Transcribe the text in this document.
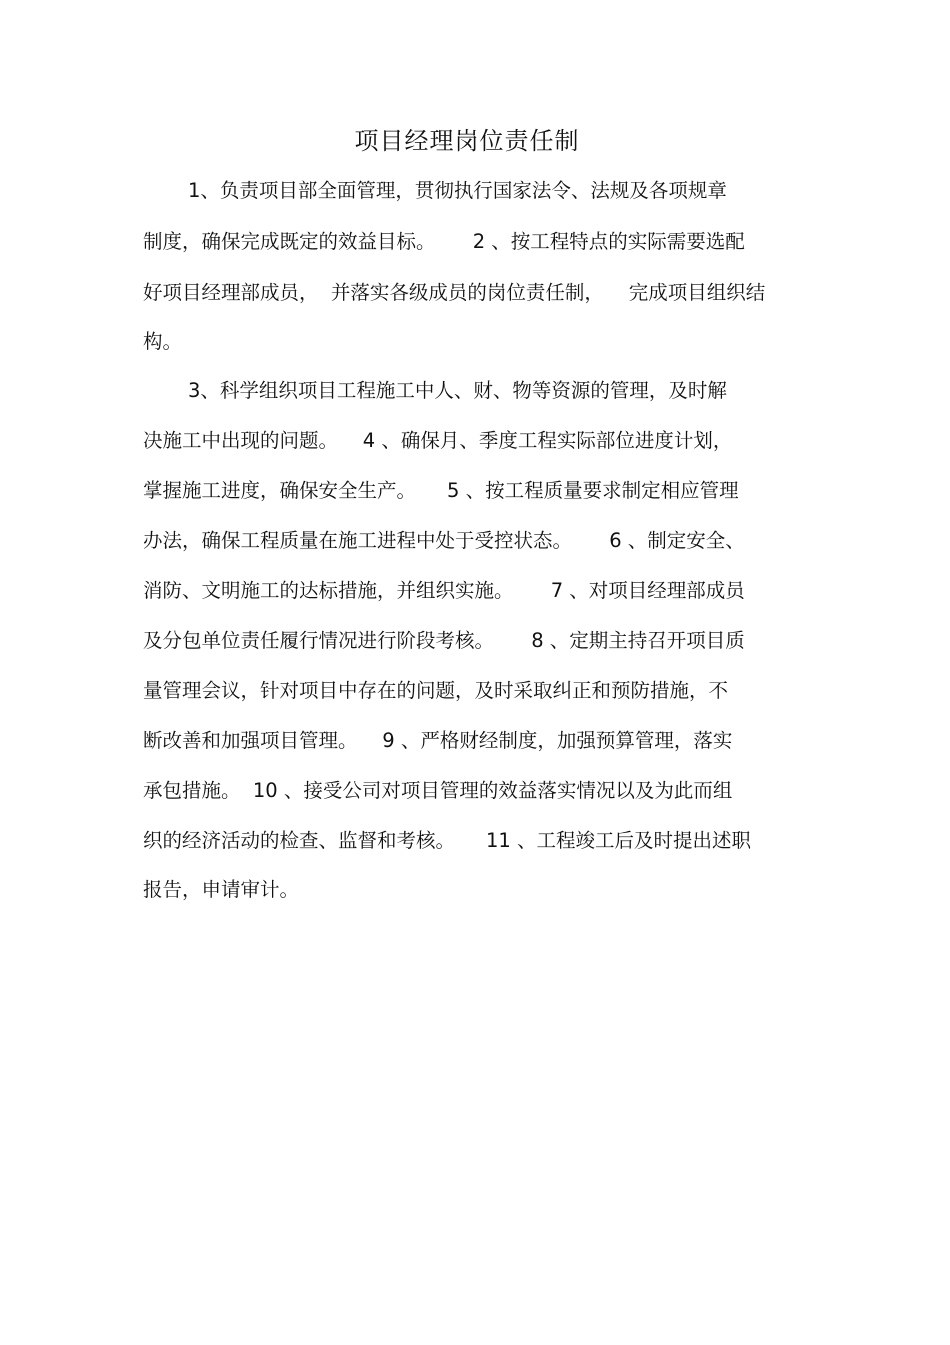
项目经理岗位责任制

1、负责项目部全面管理，贯彻执行国家法令、法规及各项规章

制度，确保完成既定的效益目标。      2 、按工程特点的实际需要选配

好项目经理部成员，  并落实各级成员的岗位责任制，    完成项目组织结

构。

3、科学组织项目工程施工中人、财、物等资源的管理，及时解

决施工中出现的问题。    4 、确保月、季度工程实际部位进度计划，

掌握施工进度，确保安全生产。     5 、按工程质量要求制定相应管理

办法，确保工程质量在施工进程中处于受控状态。      6 、制定安全、

消防、文明施工的达标措施，并组织实施。      7 、对项目经理部成员

及分包单位责任履行情况进行阶段考核。      8 、定期主持召开项目质

量管理会议，针对项目中存在的问题，及时采取纠正和预防措施，不

断改善和加强项目管理。    9 、严格财经制度，加强预算管理，落实

承包措施。  10 、接受公司对项目管理的效益落实情况以及为此而组

织的经济活动的检查、监督和考核。     11 、工程竣工后及时提出述职

报告，申请审计。
